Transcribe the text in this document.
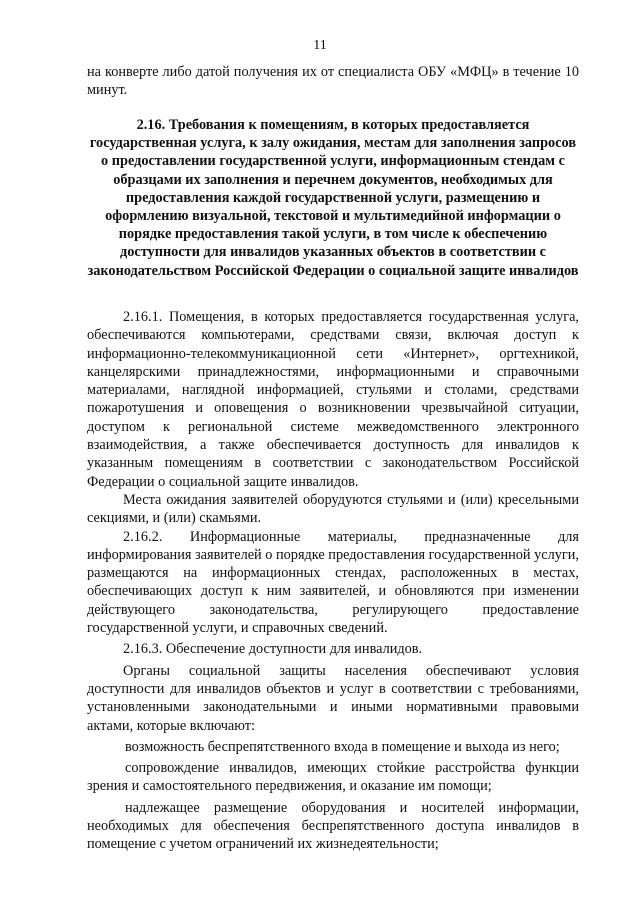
11
на конверте либо датой получения их от специалиста ОБУ «МФЦ» в течение 10 минут.
2.16. Требования к помещениям, в которых предоставляется государственная услуга, к залу ожидания, местам для заполнения запросов о предоставлении государственной услуги, информационным стендам с образцами их заполнения и перечнем документов, необходимых для предоставления каждой государственной услуги, размещению и оформлению визуальной, текстовой и мультимедийной информации о порядке предоставления такой услуги, в том числе к обеспечению доступности для инвалидов указанных объектов в соответствии с законодательством Российской Федерации о социальной защите инвалидов

2.16.1. Помещения, в которых предоставляется государственная услуга, обеспечиваются компьютерами, средствами связи, включая доступ к информационно-телекоммуникационной сети «Интернет», оргтехникой, канцелярскими принадлежностями, информационными и справочными материалами, наглядной информацией, стульями и столами, средствами пожаротушения и оповещения о возникновении чрезвычайной ситуации, доступом к региональной системе межведомственного электронного взаимодействия, а также обеспечивается доступность для инвалидов к указанным помещениям в соответствии с законодательством Российской Федерации о социальной защите инвалидов.

Места ожидания заявителей оборудуются стульями и (или) кресельными секциями, и (или) скамьями.

2.16.2. Информационные материалы, предназначенные для информирования заявителей о порядке предоставления государственной услуги, размещаются на информационных стендах, расположенных в местах, обеспечивающих доступ к ним заявителей, и обновляются при изменении действующего законодательства, регулирующего предоставление государственной услуги, и справочных сведений.

2.16.3. Обеспечение доступности для инвалидов.

Органы социальной защиты населения обеспечивают условия доступности для инвалидов объектов и услуг в соответствии с требованиями, установленными законодательными и иными нормативными правовыми актами, которые включают:

возможность беспрепятственного входа в помещение и выхода из него;

сопровождение инвалидов, имеющих стойкие расстройства функции зрения и самостоятельного передвижения, и оказание им помощи;

надлежащее размещение оборудования и носителей информации, необходимых для обеспечения беспрепятственного доступа инвалидов в помещение с учетом ограничений их жизнедеятельности;
